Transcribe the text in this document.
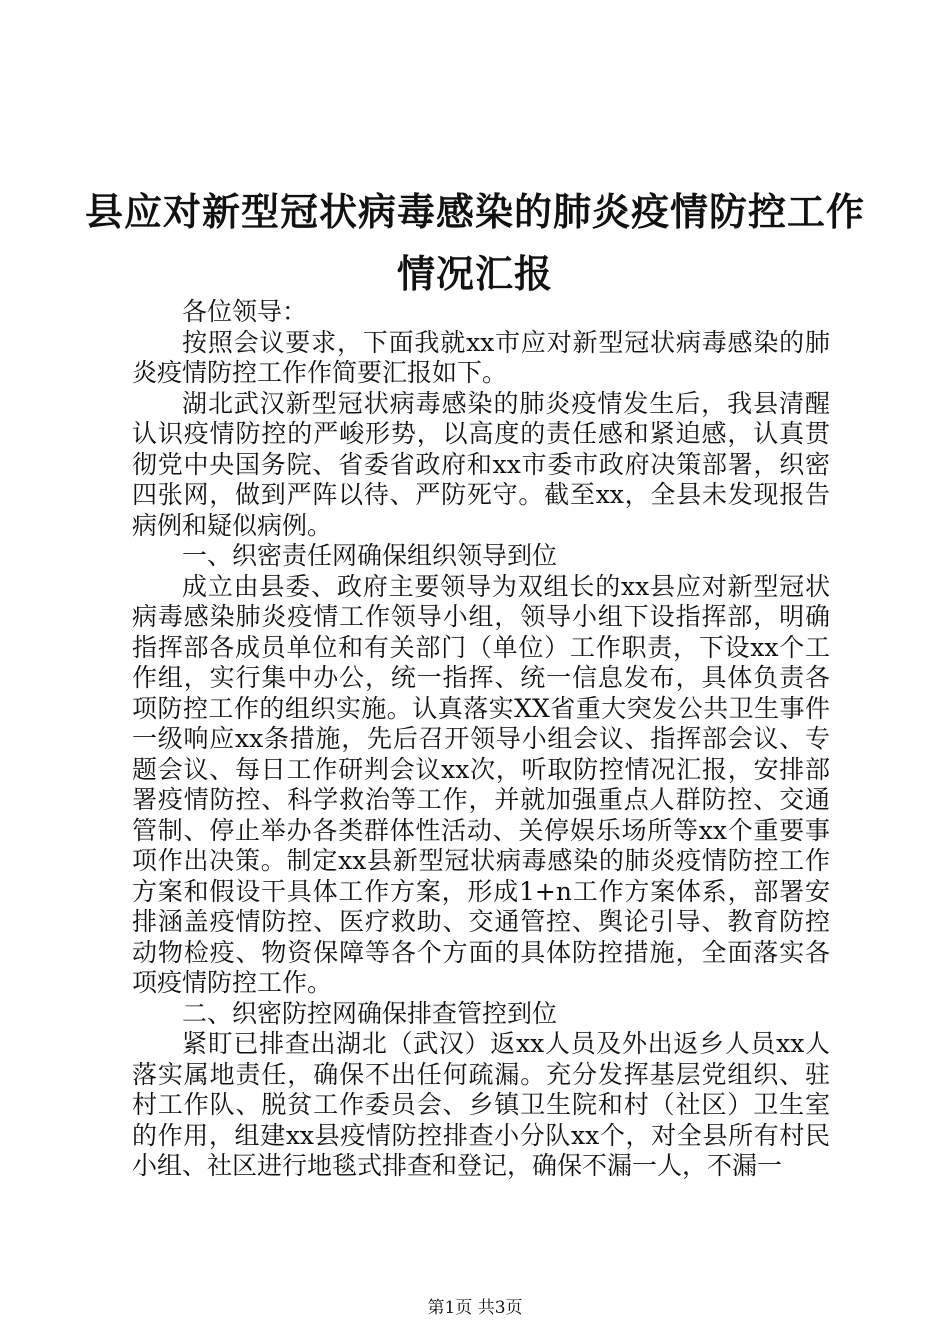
县应对新型冠状病毒感染的肺炎疫情防控工作
情况汇报

各位领导：

按照会议要求，下面我就xx市应对新型冠状病毒感染的肺炎疫情防控工作作简要汇报如下。

湖北武汉新型冠状病毒感染的肺炎疫情发生后，我县清醒认识疫情防控的严峻形势，以高度的责任感和紧迫感，认真贯彻党中央国务院、省委省政府和xx市委市政府决策部署，织密四张网，做到严阵以待、严防死守。截至xx，全县未发现报告病例和疑似病例。

一、织密责任网确保组织领导到位

成立由县委、政府主要领导为双组长的xx县应对新型冠状病毒感染肺炎疫情工作领导小组，领导小组下设指挥部，明确指挥部各成员单位和有关部门（单位）工作职责，下设xx个工作组，实行集中办公，统一指挥、统一信息发布，具体负责各项防控工作的组织实施。认真落实XX省重大突发公共卫生事件一级响应xx条措施，先后召开领导小组会议、指挥部会议、专题会议、每日工作研判会议xx次，听取防控情况汇报，安排部署疫情防控、科学救治等工作，并就加强重点人群防控、交通管制、停止举办各类群体性活动、关停娱乐场所等xx个重要事项作出决策。制定xx县新型冠状病毒感染的肺炎疫情防控工作方案和假设干具体工作方案，形成1+n工作方案体系，部署安排涵盖疫情防控、医疗救助、交通管控、舆论引导、教育防控动物检疫、物资保障等各个方面的具体防控措施，全面落实各项疫情防控工作。

二、织密防控网确保排查管控到位

紧盯已排查出湖北（武汉）返xx人员及外出返乡人员xx人落实属地责任，确保不出任何疏漏。充分发挥基层党组织、驻村工作队、脱贫工作委员会、乡镇卫生院和村（社区）卫生室的作用，组建xx县疫情防控排查小分队xx个，对全县所有村民小组、社区进行地毯式排查和登记，确保不漏一人，不漏一

第1页 共3页
